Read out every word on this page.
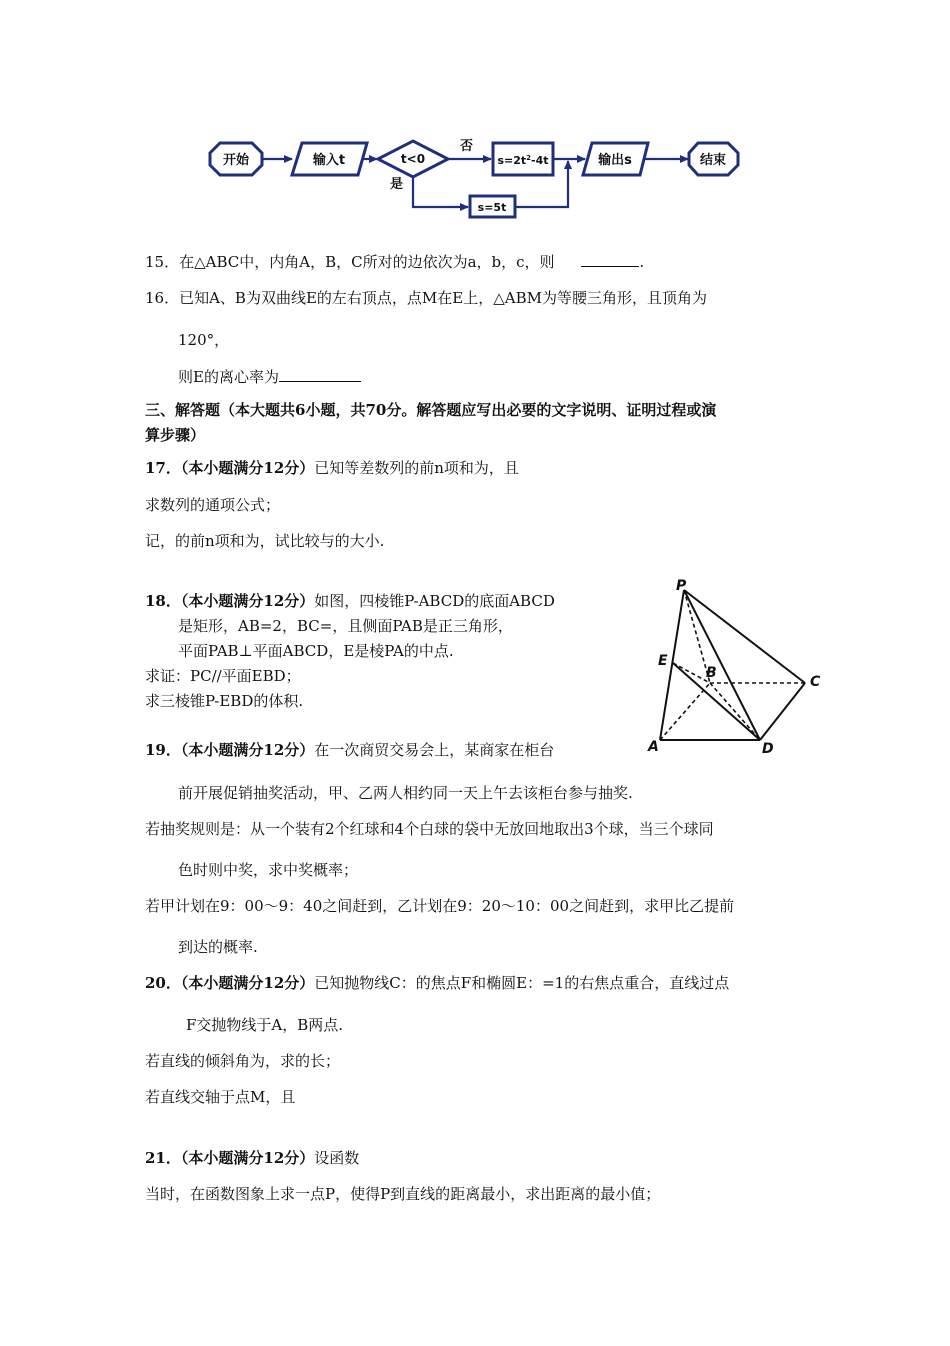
开始	输入t	t<0
否
是
$s=2t^2-4t$
s=5t
输出s	结束
15．在△ABC中，内角A，B，C所对的边依次为a，b，c，则	.
16．已知A、B为双曲线E的左右顶点，点M在E上，△ABM为等腰三角形，且顶角为
120°，
则E的离心率为
三、解答题（本大题共6小题，共70分。解答题应写出必要的文字说明、证明过程或演
算步骤）
17．（本小题满分12分）已知等差数列的前n项和为，且
求数列的通项公式；
记，的前n项和为，试比较与的大小.
18．（本小题满分12分）如图，四棱锥P-ABCD的底面ABCD
是矩形，AB=2，BC=，且侧面PAB是正三角形，
平面PAB⊥平面ABCD，E是棱PA的中点.
求证：PC//平面EBD；
求三棱锥P-EBD的体积.
P
E
B
C
A	D
19．（本小题满分12分）在一次商贸交易会上，某商家在柜台
前开展促销抽奖活动，甲、乙两人相约同一天上午去该柜台参与抽奖.
若抽奖规则是：从一个装有2个红球和4个白球的袋中无放回地取出3个球，当三个球同
色时则中奖，求中奖概率；
若甲计划在9：00～9：40之间赶到，乙计划在9：20～10：00之间赶到，求甲比乙提前
到达的概率.
20．（本小题满分12分）已知抛物线C：的焦点F和椭圆E：=1的右焦点重合，直线过点
F交抛物线于A，B两点.
若直线的倾斜角为，求的长；
若直线交轴于点M，且
21．（本小题满分12分）设函数
当时，在函数图象上求一点P，使得P到直线的距离最小，求出距离的最小值；
